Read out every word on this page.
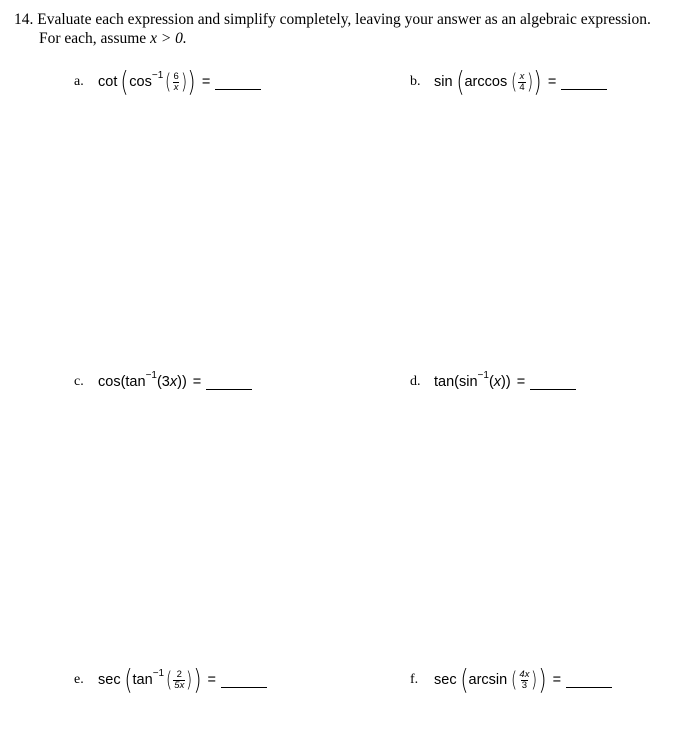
14. Evaluate each expression and simplify completely, leaving your answer as an algebraic expression.
For each, assume x > 0.
a. cot ( cos −1 ( $\frac{6}{x}$ ) ) =	b. sin ( arccos ( $\frac{x}{4}$ ) ) =
c. cos(tan −1 (3 x )) =	d. tan(sin −1 ( x )) =
e. sec ( tan −1 ( $\frac{2}{5x}$ ) ) =	f.	sec ( arcsin ( $\frac{4x}{3}$ ) ) =
